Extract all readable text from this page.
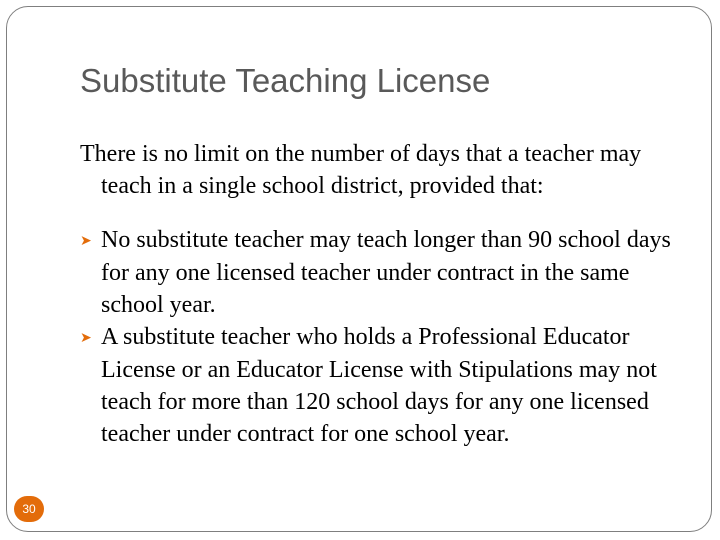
Substitute Teaching License

There is no limit on the number of days that a teacher may teach in a single school district, provided that:

➤ No substitute teacher may teach longer than 90 school days for any one licensed teacher under contract in the same school year.
➤ A substitute teacher who holds a Professional Educator License or an Educator License with Stipulations may not teach for more than 120 school days for any one licensed teacher under contract for one school year.
30
